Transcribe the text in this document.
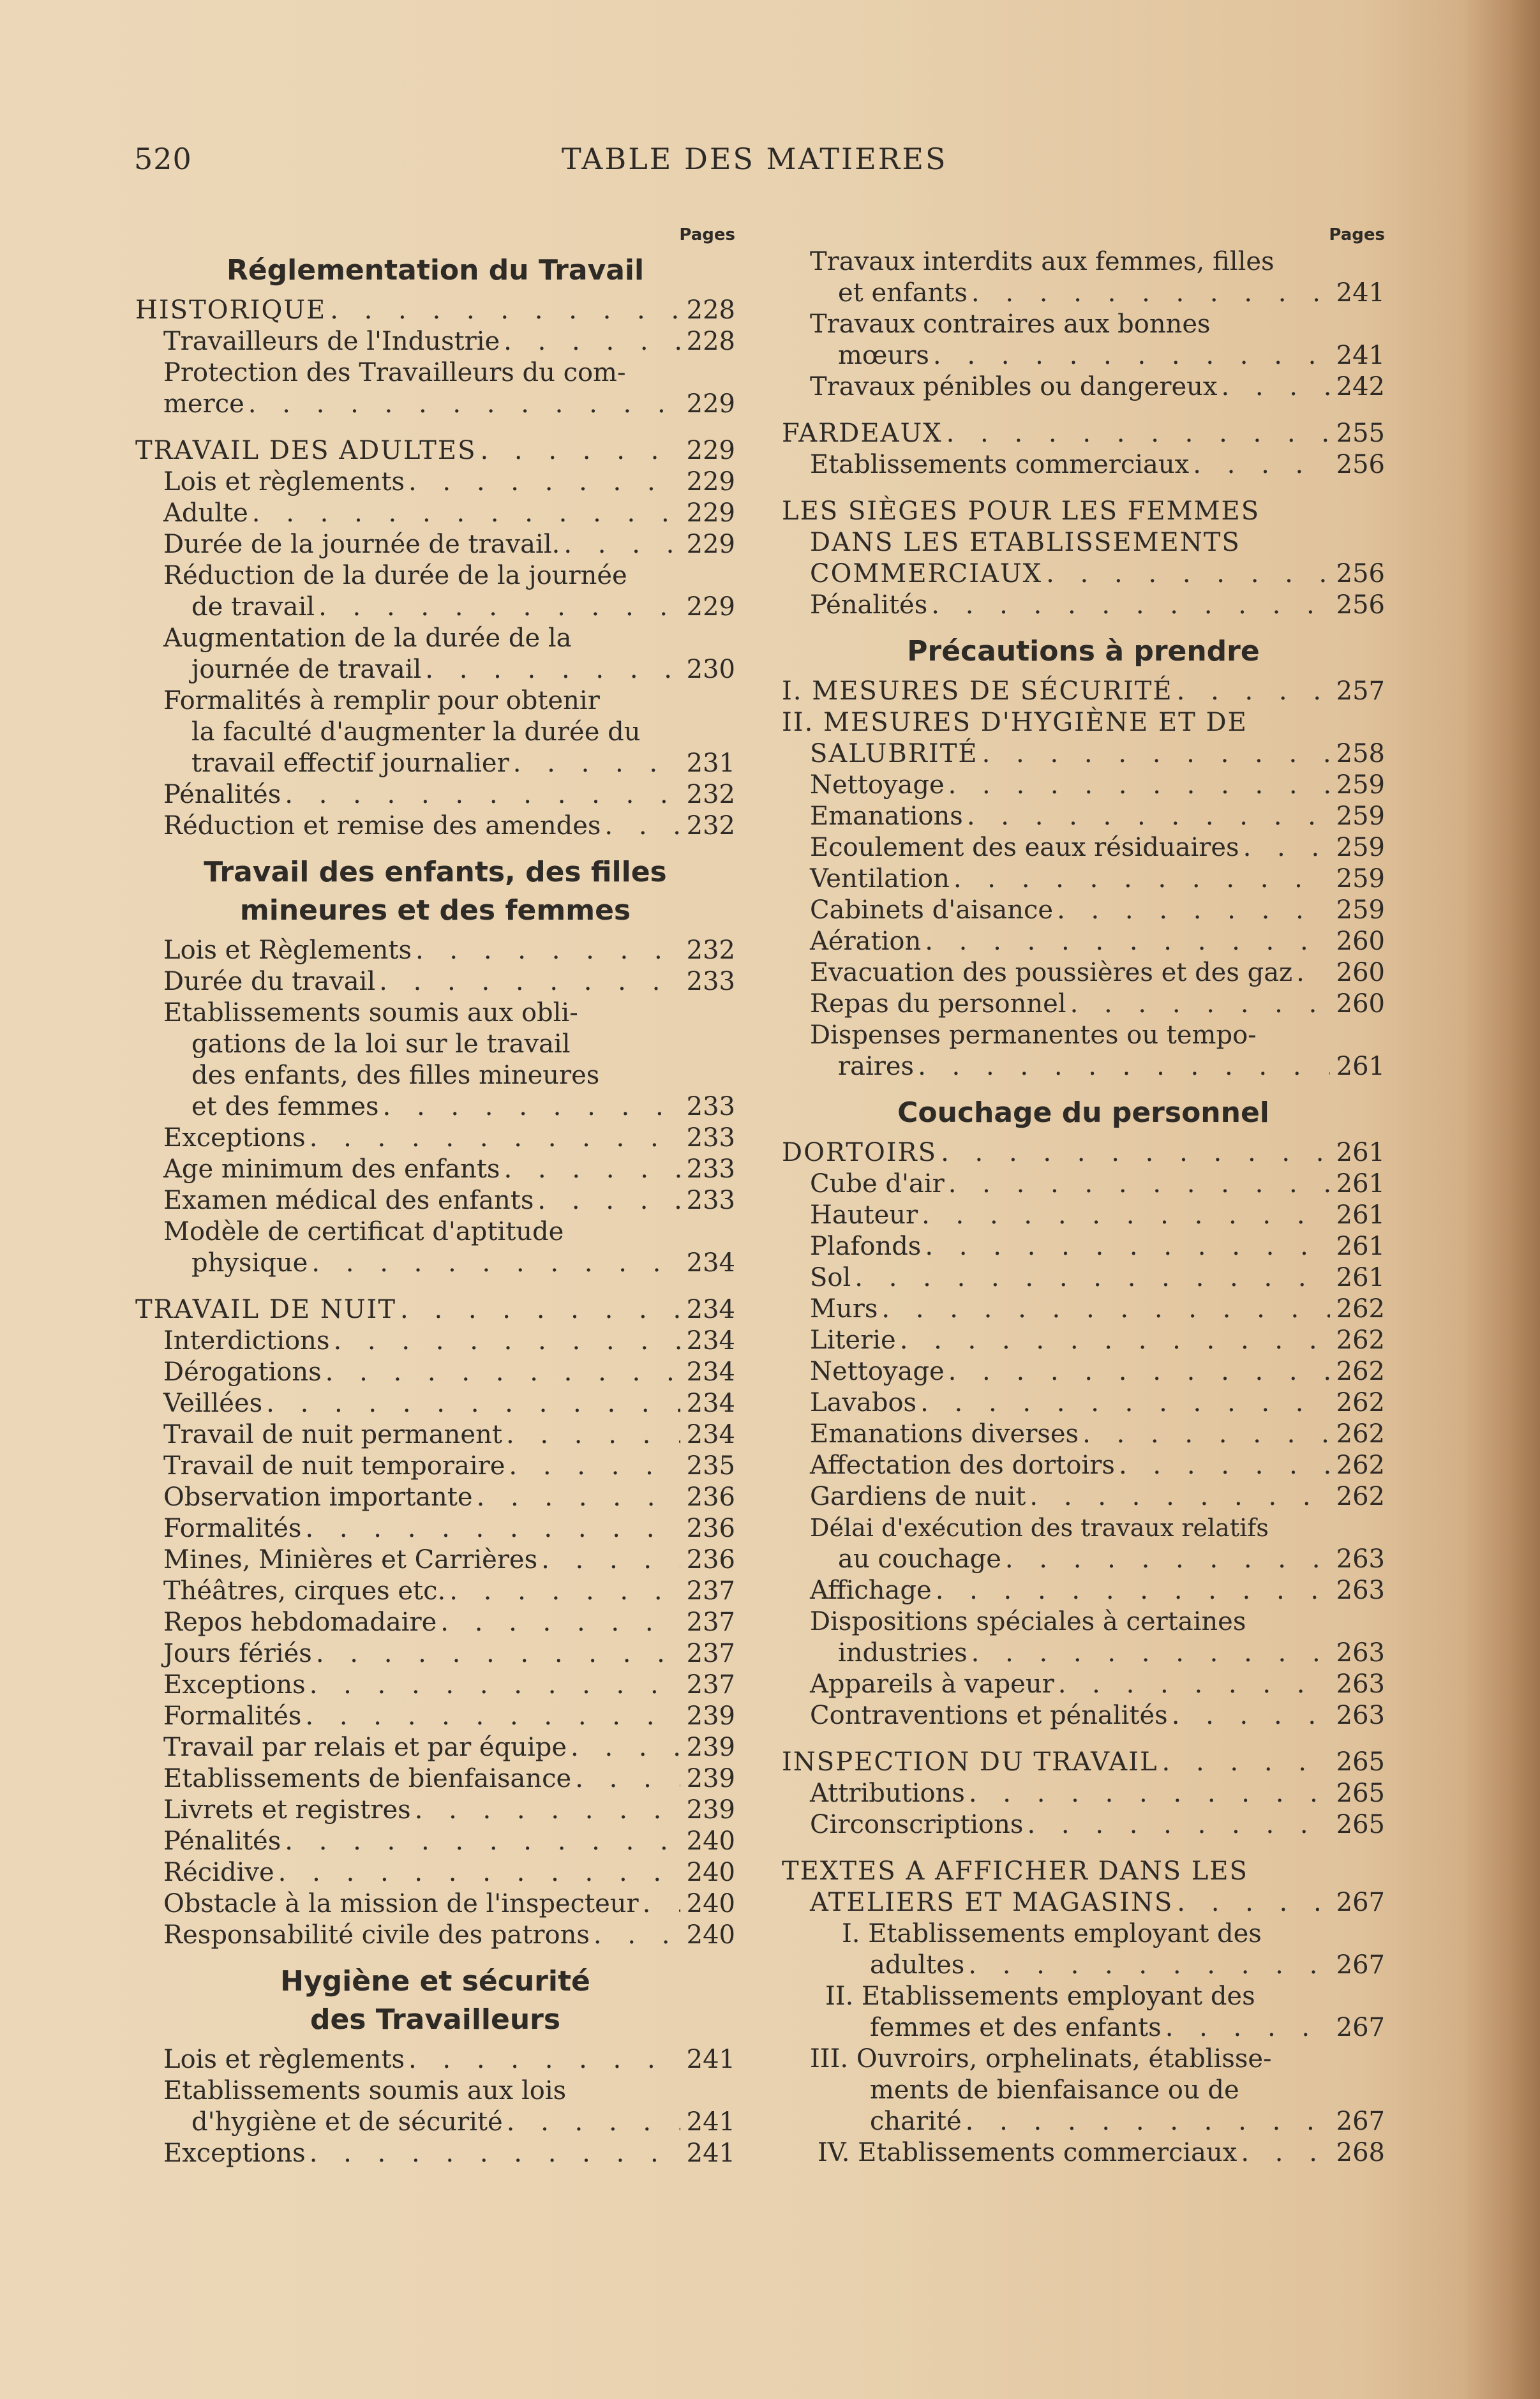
520	TABLE DES MATIERES
Pages
Réglementation du Travail
HISTORIQUE . . .	228
Travailleurs de l'Industrie . . .	228
Protection des Travailleurs du com-
merce . . .	229
TRAVAIL DES ADULTES . . .	229
Lois et règlements . . .	229
Adulte . . .	229
Durée de la journée de travail. . . .	229
Réduction de la durée de la journée
de travail . . .	229
Augmentation de la durée de la
journée de travail . . .	230
Formalités à remplir pour obtenir
la faculté d'augmenter la durée du
travail effectif journalier . . .	231
Pénalités . . .	232
Réduction et remise des amendes . . .	232
Travail des enfants, des filles
mineures et des femmes
Lois et Règlements . . .	232
Durée du travail . . .	233
Etablissements soumis aux obli-
gations de la loi sur le travail
des enfants, des filles mineures
et des femmes . . .	233
Exceptions . . .	233
Age minimum des enfants . . .	233
Examen médical des enfants . . .	233
Modèle de certificat d'aptitude
physique . . .	234
TRAVAIL DE NUIT . . .	234
Interdictions . . .	234
Dérogations . . .	234
Veillées . . .	234
Travail de nuit permanent . . .	234
Travail de nuit temporaire . . .	235
Observation importante . . .	236
Formalités . . .	236
Mines, Minières et Carrières . . .	236
Théâtres, cirques etc. . . .	237
Repos hebdomadaire . . .	237
Jours fériés . . .	237
Exceptions . . .	237
Formalités . . .	239
Travail par relais et par équipe . . .	239
Etablissements de bienfaisance . . .	239
Livrets et registres . . .	239
Pénalités . . .	240
Récidive . . .	240
Obstacle à la mission de l'inspecteur . . . 240
Responsabilité civile des patrons . . .	240
Hygiène et sécurité
des Travailleurs
Lois et règlements . . .	241
Etablissements soumis aux lois
d'hygiène et de sécurité . . .	241
Exceptions . . .	241
Pages
Travaux interdits aux femmes, filles
et enfants . . .	241
Travaux contraires aux bonnes
mœurs . . .	241
Travaux pénibles ou dangereux . . .	242
FARDEAUX . . .	255
Etablissements commerciaux . . .	256
LES SIÈGES POUR LES FEMMES
DANS LES ETABLISSEMENTS
COMMERCIAUX . . .	256
Pénalités . . .	256
Précautions à prendre
I. MESURES DE SÉCURITÉ . . .	257
II. MESURES D'HYGIÈNE ET DE
SALUBRITÉ . . .	258
Nettoyage . . .	259
Emanations . . .	259
Ecoulement des eaux résiduaires . . .	259
Ventilation . . .	259
Cabinets d'aisance . . .	259
Aération . . .	260
Evacuation des poussières et des gaz . . . 260
Repas du personnel . . .	260
Dispenses permanentes ou tempo-
raires . . .	261
Couchage du personnel
DORTOIRS . . .	261
Cube d'air . . .	261
Hauteur . . .	261
Plafonds . . .	261
Sol . . .	261
Murs . . .	262
Literie . . .	262
Nettoyage . . .	262
Lavabos . . .	262
Emanations diverses . . .	262
Affectation des dortoirs . . .	262
Gardiens de nuit . . .	262
Délai d'exécution des travaux relatifs
au couchage . . .	263
Affichage . . .	263
Dispositions spéciales à certaines
industries . . .	263
Appareils à vapeur . . .	263
Contraventions et pénalités . . .	263
INSPECTION DU TRAVAIL . . .	265
Attributions . . .	265
Circonscriptions . . .	265
TEXTES A AFFICHER DANS LES
ATELIERS ET MAGASINS . . .	267
I. Etablissements employant des
adultes . . .	267
II. Etablissements employant des
femmes et des enfants . . .	267
III. Ouvroirs, orphelinats, établisse-
ments de bienfaisance ou de
charité . . .	267
IV. Etablissements commerciaux . . .	268
